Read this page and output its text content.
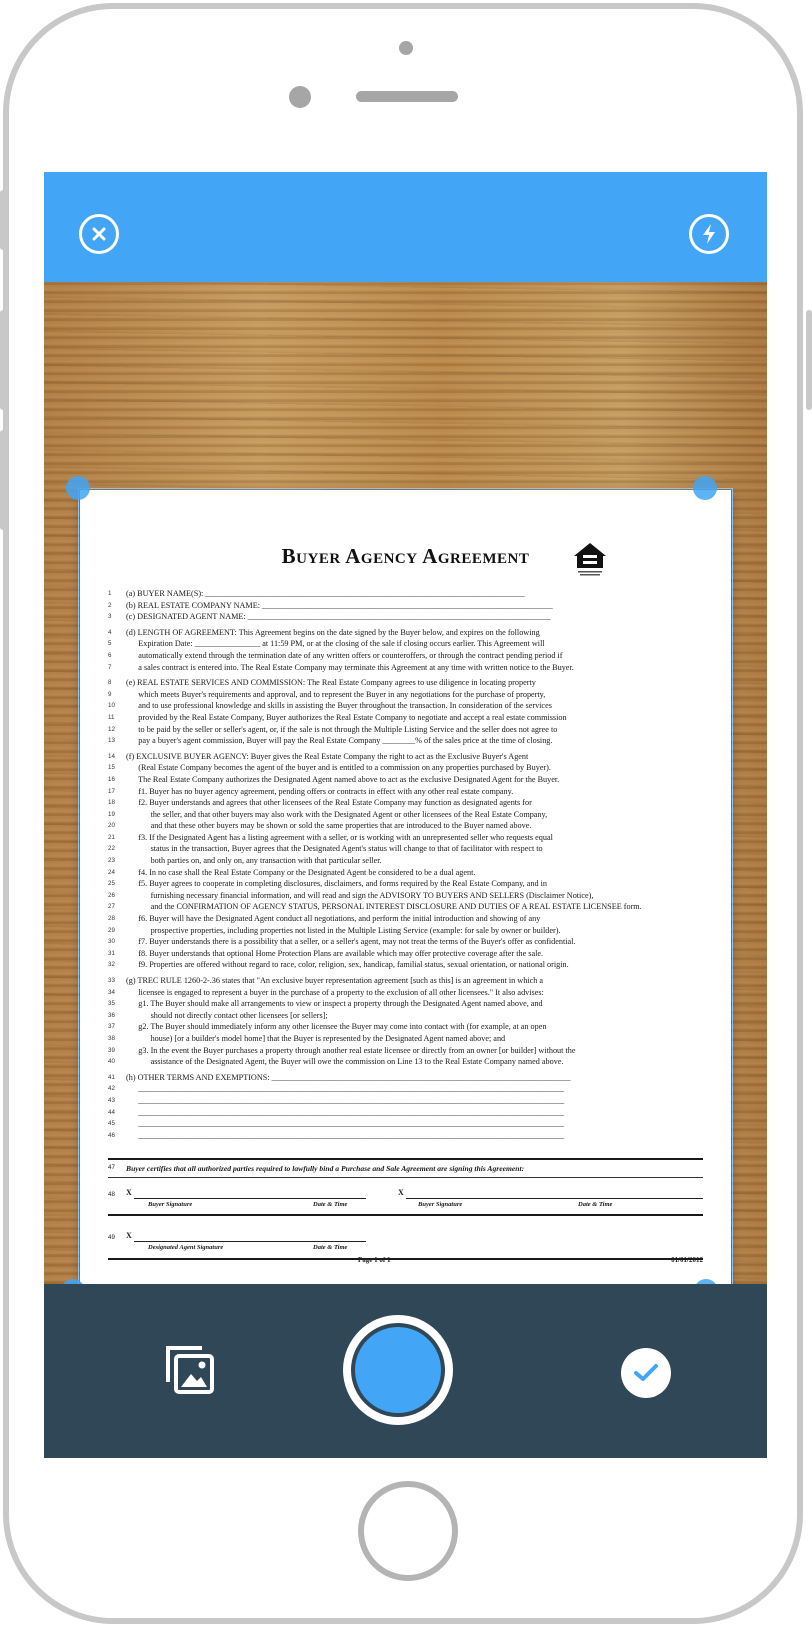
Buyer Agency Agreement
1	(a) BUYER NAME(S): ______________________________________________________________________________
2	(b) REAL ESTATE COMPANY NAME: _______________________________________________________________________
3	(c) DESIGNATED AGENT NAME: __________________________________________________________________________
4	(d) LENGTH OF AGREEMENT: This Agreement begins on the date signed by the Buyer below, and expires on the following
5	Expiration Date: ________________ at 11:59 PM, or at the closing of the sale if closing occurs earlier. This Agreement will
6	automatically extend through the termination date of any written offers or counteroffers, or through the contract pending period if
7	a sales contract is entered into. The Real Estate Company may terminate this Agreement at any time with written notice to the Buyer.
8	(e) REAL ESTATE SERVICES AND COMMISSION: The Real Estate Company agrees to use diligence in locating property
9	which meets Buyer's requirements and approval, and to represent the Buyer in any negotiations for the purchase of property,
10	and to use professional knowledge and skills in assisting the Buyer throughout the transaction. In consideration of the services
11	provided by the Real Estate Company, Buyer authorizes the Real Estate Company to negotiate and accept a real estate commission
12	to be paid by the seller or seller's agent, or, if the sale is not through the Multiple Listing Service and the seller does not agree to
13	pay a buyer's agent commission, Buyer will pay the Real Estate Company ________% of the sales price at the time of closing.
14	(f) EXCLUSIVE BUYER AGENCY: Buyer gives the Real Estate Company the right to act as the Exclusive Buyer's Agent
15	(Real Estate Company becomes the agent of the buyer and is entitled to a commission on any properties purchased by Buyer).
16	The Real Estate Company authorizes the Designated Agent named above to act as the exclusive Designated Agent for the Buyer.
17	f1. Buyer has no buyer agency agreement, pending offers or contracts in effect with any other real estate company.
18	f2. Buyer understands and agrees that other licensees of the Real Estate Company may function as designated agents for
19	the seller, and that other buyers may also work with the Designated Agent or other licensees of the Real Estate Company,
20	and that these other buyers may be shown or sold the same properties that are introduced to the Buyer named above.
21	f3. If the Designated Agent has a listing agreement with a seller, or is working with an unrepresented seller who requests equal
22	status in the transaction, Buyer agrees that the Designated Agent's status will change to that of facilitator with respect to
23	both parties on, and only on, any transaction with that particular seller.
24	f4. In no case shall the Real Estate Company or the Designated Agent be considered to be a dual agent.
25	f5. Buyer agrees to cooperate in completing disclosures, disclaimers, and forms required by the Real Estate Company, and in
26	furnishing necessary financial information, and will read and sign the ADVISORY TO BUYERS AND SELLERS (Disclaimer Notice),
27	and the CONFIRMATION OF AGENCY STATUS, PERSONAL INTEREST DISCLOSURE AND DUTIES OF A REAL ESTATE LICENSEE form.
28	f6. Buyer will have the Designated Agent conduct all negotiations, and perform the initial introduction and showing of any
29	prospective properties, including properties not listed in the Multiple Listing Service (example: for sale by owner or builder).
30	f7. Buyer understands there is a possibility that a seller, or a seller's agent, may not treat the terms of the Buyer's offer as confidential.
31	f8. Buyer understands that optional Home Protection Plans are available which may offer protective coverage after the sale.
32	f9. Properties are offered without regard to race, color, religion, sex, handicap, familial status, sexual orientation, or national origin.
33	(g) TREC RULE 1260-2-.36 states that "An exclusive buyer representation agreement [such as this] is an agreement in which a
34	licensee is engaged to represent a buyer in the purchase of a property to the exclusion of all other licensees." It also advises:
35	g1. The Buyer should make all arrangements to view or inspect a property through the Designated Agent named above, and
36	should not directly contact other licensees [or sellers];
37	g2. The Buyer should immediately inform any other licensee the Buyer may come into contact with (for example, at an open
38	house) [or a builder's model home] that the Buyer is represented by the Designated Agent named above; and
39	g3. In the event the Buyer purchases a property through another real estate licensee or directly from an owner [or builder] without the
40	assistance of the Designated Agent, the Buyer will owe the commission on Line 13 to the Real Estate Company named above.
41	(h) OTHER TERMS AND EXEMPTIONS: _________________________________________________________________________
42	________________________________________________________________________________________________________
43	________________________________________________________________________________________________________
44	________________________________________________________________________________________________________
45	________________________________________________________________________________________________________
46	________________________________________________________________________________________________________
47	Buyer certifies that all authorized parties required to lawfully bind a Purchase and Sale Agreement are signing this Agreement:
48 X
Buyer Signature	Date & Time
X
Buyer Signature	Date & Time
49 X
Designated Agent Signature	Date & Time
Page 1 of 1	01/01/2012
